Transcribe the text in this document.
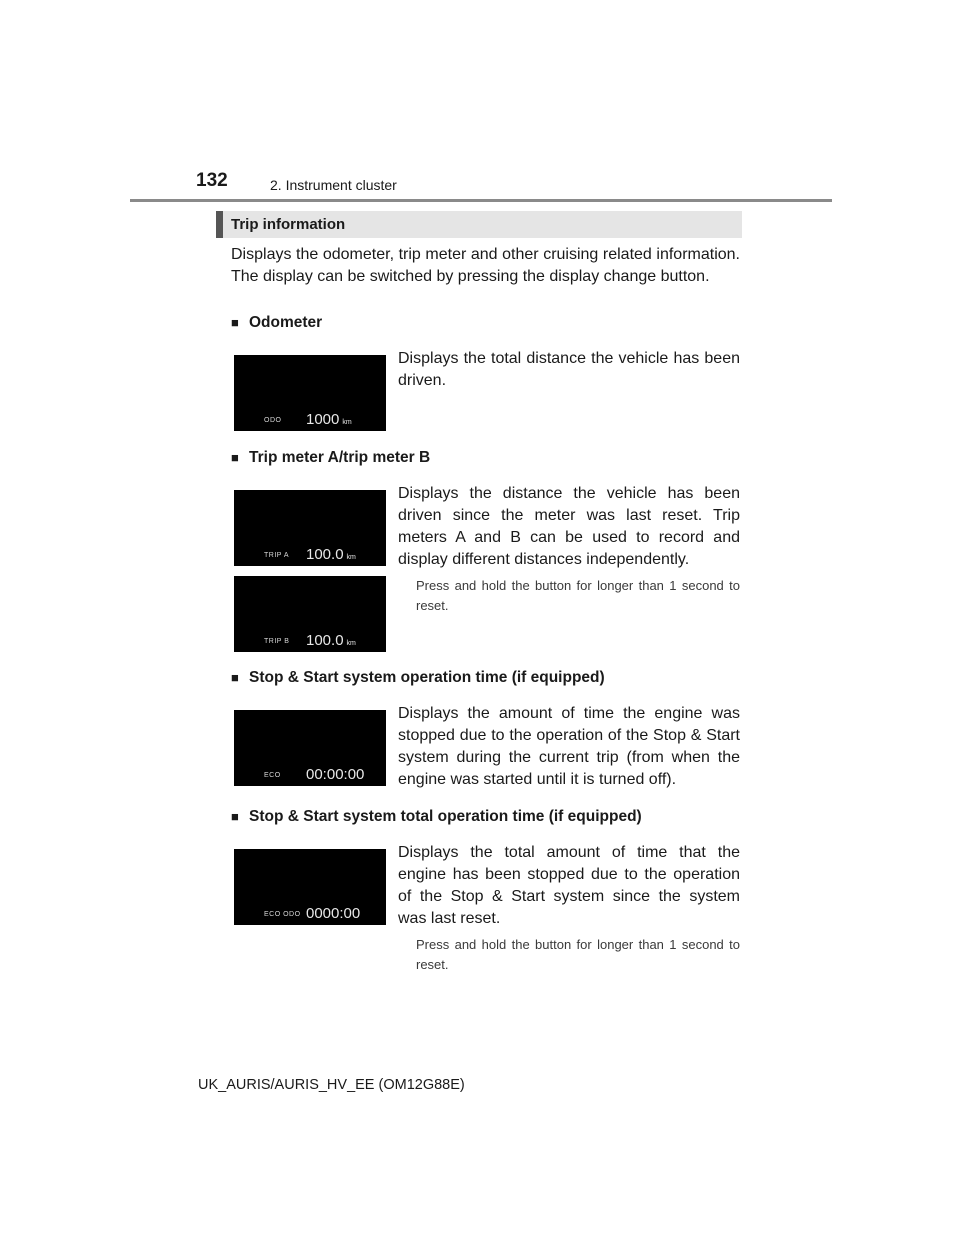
132	2. Instrument cluster
Trip information
Displays the odometer, trip meter and other cruising related information. The display can be switched by pressing the display change button.
■ Odometer
ODO 1000 km
Displays the total distance the vehicle has been driven.
■ Trip meter A/trip meter B
TRIP A 100.0 km
TRIP B 100.0 km
Displays the distance the vehicle has been driven since the meter was last reset. Trip meters A and B can be used to record and display different distances independently.
Press and hold the button for longer than 1 second to reset.
■ Stop & Start system operation time (if equipped)
ECO 00:00:00
Displays the amount of time the engine was stopped due to the operation of the Stop & Start system during the current trip (from when the engine was started until it is turned off).
■ Stop & Start system total operation time (if equipped)
ECO ODO 0000:00
Displays the total amount of time that the engine has been stopped due to the operation of the Stop & Start system since the system was last reset.
Press and hold the button for longer than 1 second to reset.
UK_AURIS/AURIS_HV_EE (OM12G88E)
